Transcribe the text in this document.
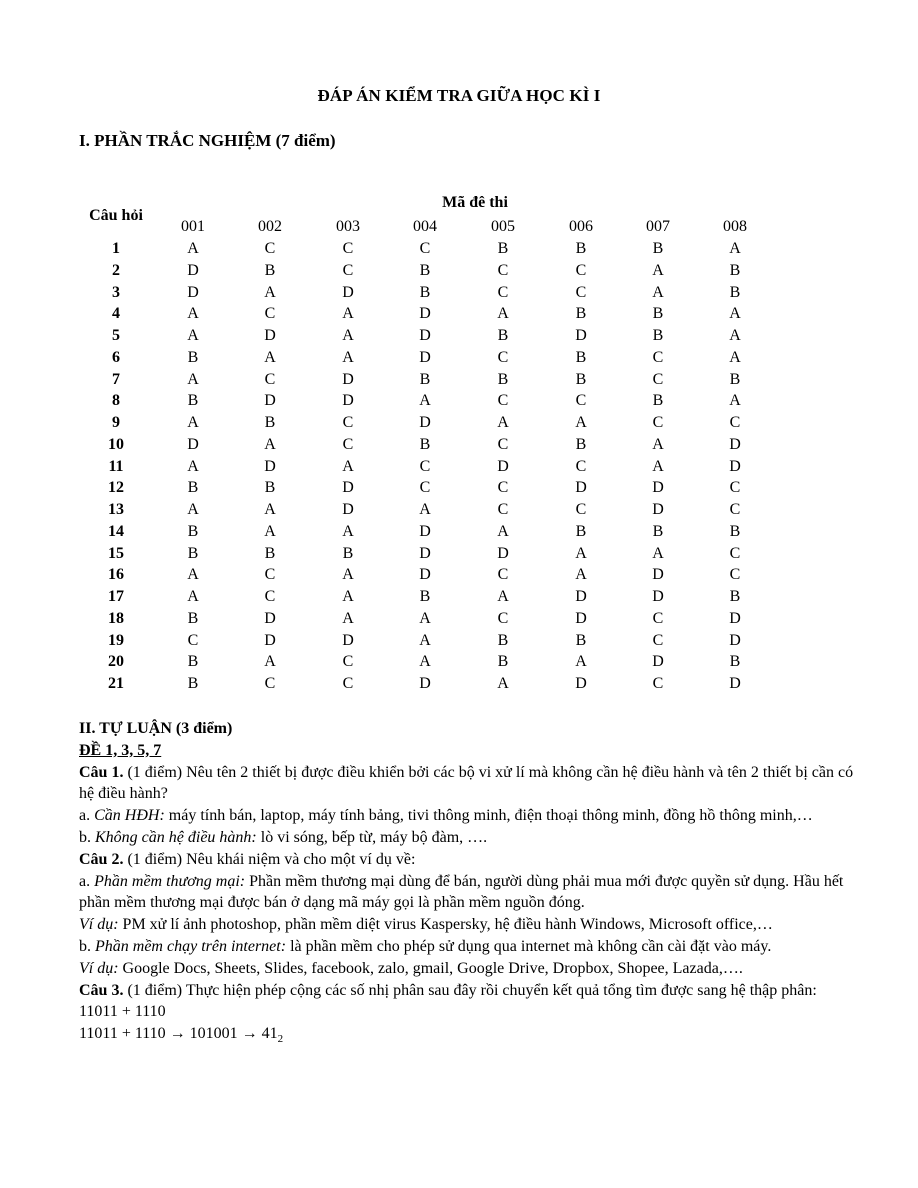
ĐÁP ÁN KIỂM TRA GIỮA HỌC KÌ I
I. PHẦN TRẮC NGHIỆM (7 điểm)
Mã đê thi
Câu hỏi
001	002	003	004	005	006	007	008
1	A	C	C	C	B	B	B	A
2	D	B	C	B	C	C	A	B
3	D	A	D	B	C	C	A	B
4	A	C	A	D	A	B	B	A
5	A	D	A	D	B	D	B	A
6	B	A	A	D	C	B	C	A
7	A	C	D	B	B	B	C	B
8	B	D	D	A	C	C	B	A
9	A	B	C	D	A	A	C	C
10	D	A	C	B	C	B	A	D
11	A	D	A	C	D	C	A	D
12	B	B	D	C	C	D	D	C
13	A	A	D	A	C	C	D	C
14	B	A	A	D	A	B	B	B
15	B	B	B	D	D	A	A	C
16	A	C	A	D	C	A	D	C
17	A	C	A	B	A	D	D	B
18	B	D	A	A	C	D	C	D
19	C	D	D	A	B	B	C	D
20	B	A	C	A	B	A	D	B
21	B	C	C	D	A	D	C	D

II. TỰ LUẬN (3 điểm)

ĐỀ 1, 3, 5, 7

Câu 1. (1 điểm) Nêu tên 2 thiết bị được điều khiển bởi các bộ vi xử lí mà không cần hệ điều hành và tên 2 thiết bị cần có hệ điều hành?

a. Cần HĐH: máy tính bán, laptop, máy tính bảng, tivi thông minh, điện thoại thông minh, đồng hồ thông minh,…

b. Không cần hệ điều hành: lò vi sóng, bếp từ, máy bộ đàm, ….

Câu 2. (1 điểm) Nêu khái niệm và cho một ví dụ về:

a. Phần mềm thương mại: Phần mềm thương mại dùng để bán, người dùng phải mua mới được quyền sử dụng. Hầu hết phần mềm thương mại được bán ở dạng mã máy gọi là phần mềm nguồn đóng.

Ví dụ: PM xử lí ảnh photoshop, phần mềm diệt virus Kaspersky, hệ điều hành Windows, Microsoft office,…

b. Phần mềm chạy trên internet: là phần mềm cho phép sử dụng qua internet mà không cần cài đặt vào máy.

Ví dụ: Google Docs, Sheets, Slides, facebook, zalo, gmail, Google Drive, Dropbox, Shopee, Lazada,….

Câu 3. (1 điểm) Thực hiện phép cộng các số nhị phân sau đây rồi chuyển kết quả tổng tìm được sang hệ thập phân: 11011 + 1110

$11011 + 1110 \to 101001 \to 41_2$
